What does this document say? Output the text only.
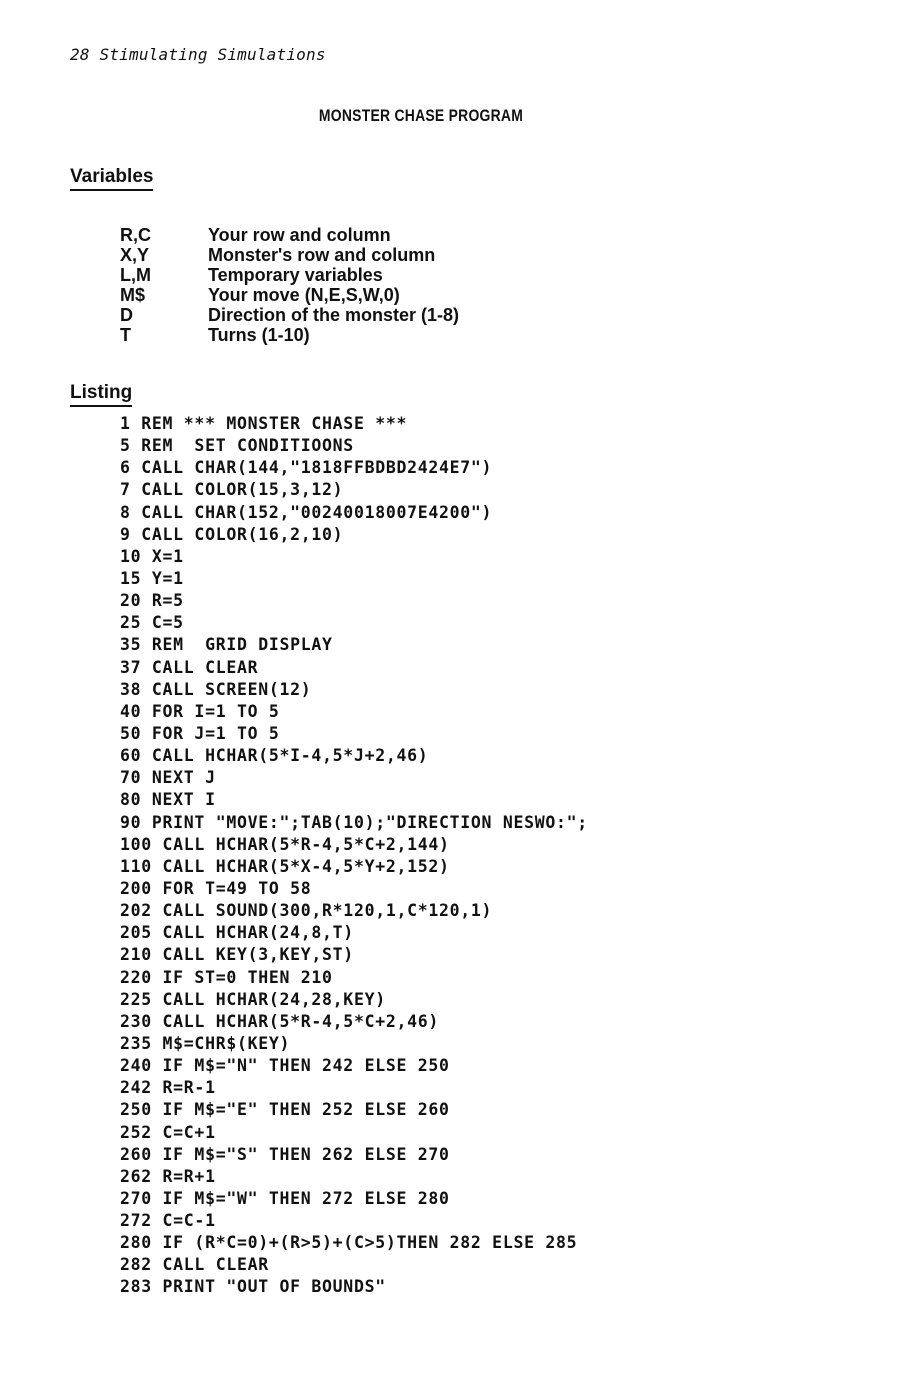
28 Stimulating Simulations
MONSTER CHASE PROGRAM
Variables
R,C	Your row and column
X,Y	Monster's row and column
L,M	Temporary variables
M$	Your move (N,E,S,W,0)
D	Direction of the monster (1-8)
T	Turns (1-10)
Listing
1 REM *** MONSTER CHASE ***
5 REM  SET CONDITIOONS
6 CALL CHAR(144,"1818FFBDBD2424E7")
7 CALL COLOR(15,3,12)
8 CALL CHAR(152,"00240018007E4200")
9 CALL COLOR(16,2,10)
10 X=1
15 Y=1
20 R=5
25 C=5
35 REM  GRID DISPLAY
37 CALL CLEAR
38 CALL SCREEN(12)
40 FOR I=1 TO 5
50 FOR J=1 TO 5
60 CALL HCHAR(5*I-4,5*J+2,46)
70 NEXT J
80 NEXT I
90 PRINT "MOVE:";TAB(10);"DIRECTION NESWO:";
100 CALL HCHAR(5*R-4,5*C+2,144)
110 CALL HCHAR(5*X-4,5*Y+2,152)
200 FOR T=49 TO 58
202 CALL SOUND(300,R*120,1,C*120,1)
205 CALL HCHAR(24,8,T)
210 CALL KEY(3,KEY,ST)
220 IF ST=0 THEN 210
225 CALL HCHAR(24,28,KEY)
230 CALL HCHAR(5*R-4,5*C+2,46)
235 M$=CHR$(KEY)
240 IF M$="N" THEN 242 ELSE 250
242 R=R-1
250 IF M$="E" THEN 252 ELSE 260
252 C=C+1
260 IF M$="S" THEN 262 ELSE 270
262 R=R+1
270 IF M$="W" THEN 272 ELSE 280
272 C=C-1
280 IF (R*C=0)+(R>5)+(C>5)THEN 282 ELSE 285
282 CALL CLEAR
283 PRINT "OUT OF BOUNDS"
